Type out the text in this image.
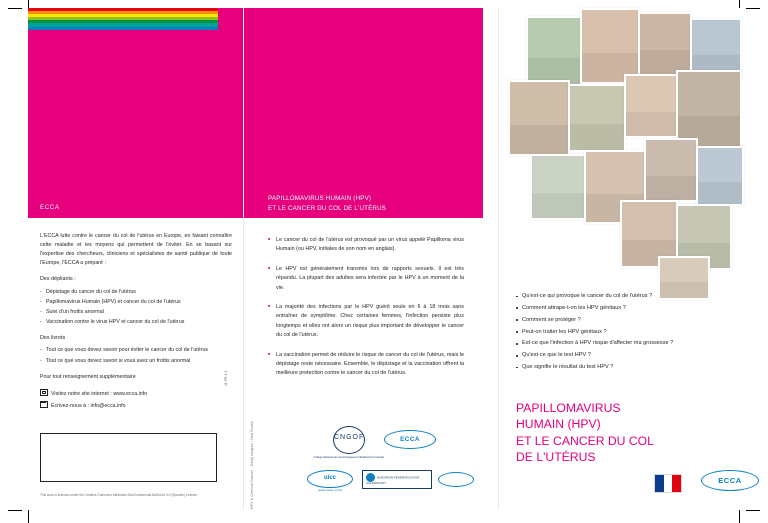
ECCA

L'ECCA lutte contre le cancer du col de l'utérus en Europe, en faisant connaître cette maladie et les moyens qui permettent de l'éviter. En se basant sur l'expertise des chercheurs, cliniciens et spécialistes de santé publique de toute l'Europe, l'ECCA a préparé :

Des dépliants :

- Dépistage du cancer du col de l'utérus
- Papillomavirus Humain (HPV) et cancer du col de l'utérus
- Suivi d'un frottis anormal
- Vaccination contre le virus HPV et cancer du col de l'utérus

Des livrets

- Tout ce que vous devez savoir pour éviter le cancer du col de l'utérus
- Tout ce que vous devez savoir si vous avez un frottis anormal

Pour tout renseignement supplémentaire

Visitez notre site internet : www.ecca.info
Écrivez-nous à : info@ecca.info
This work is licensed under the Creative Commons Attribution-NonCommercial-NoDerivs 3.0 (Spanish) Licence.
11 FR 4.1
HPV & Cervical Cancer - Getty Images - Ned Studio
PAPILLOMAVIRUS HUMAIN (HPV)
ET LE CANCER DU COL DE L'UTÉRUS
Le cancer du col de l'utérus est provoqué par un virus appelé Papilloma virus Humain (ou HPV, initiales de son nom en anglais).
Le HPV est généralement transmis lors de rapports sexuels. Il est très répandu. La plupart des adultes sera infectée par le HPV à un moment de la vie.
La majorité des infections par le HPV guérit seule en 6 à 18 mois sans entraîner de symptôme. Chez certaines femmes, l'infection persiste plus longtemps et elles ont alors un risque plus important de développer le cancer du col de l'utérus.
La vaccination permet de réduire le risque de cancer du col de l'utérus, mais le dépistage reste nécessaire. Ensemble, le dépistage et la vaccination offrent la meilleure protection contre le cancer du col de l'utérus.
CNGOF
Collège National des Gynécologues et Obstétriciens Français
ECCA
uicc
global cancer control
EUROPEAN FEDERATION FOR COLPOSCOPY
Qu'est-ce qui provoque le cancer du col de l'utérus ?
Comment attrape-t-on les HPV génitaux ?
Comment se protéger ?
Peut-on traiter les HPV génitaux ?
Est-ce que l'infection à HPV risque d'affecter ma grossesse ?
Qu'est-ce que le test HPV ?
Que signifie le résultat du test HPV ?
PAPILLOMAVIRUS
HUMAIN (HPV)
ET LE CANCER DU COL
DE L'UTÉRUS
ECCA
